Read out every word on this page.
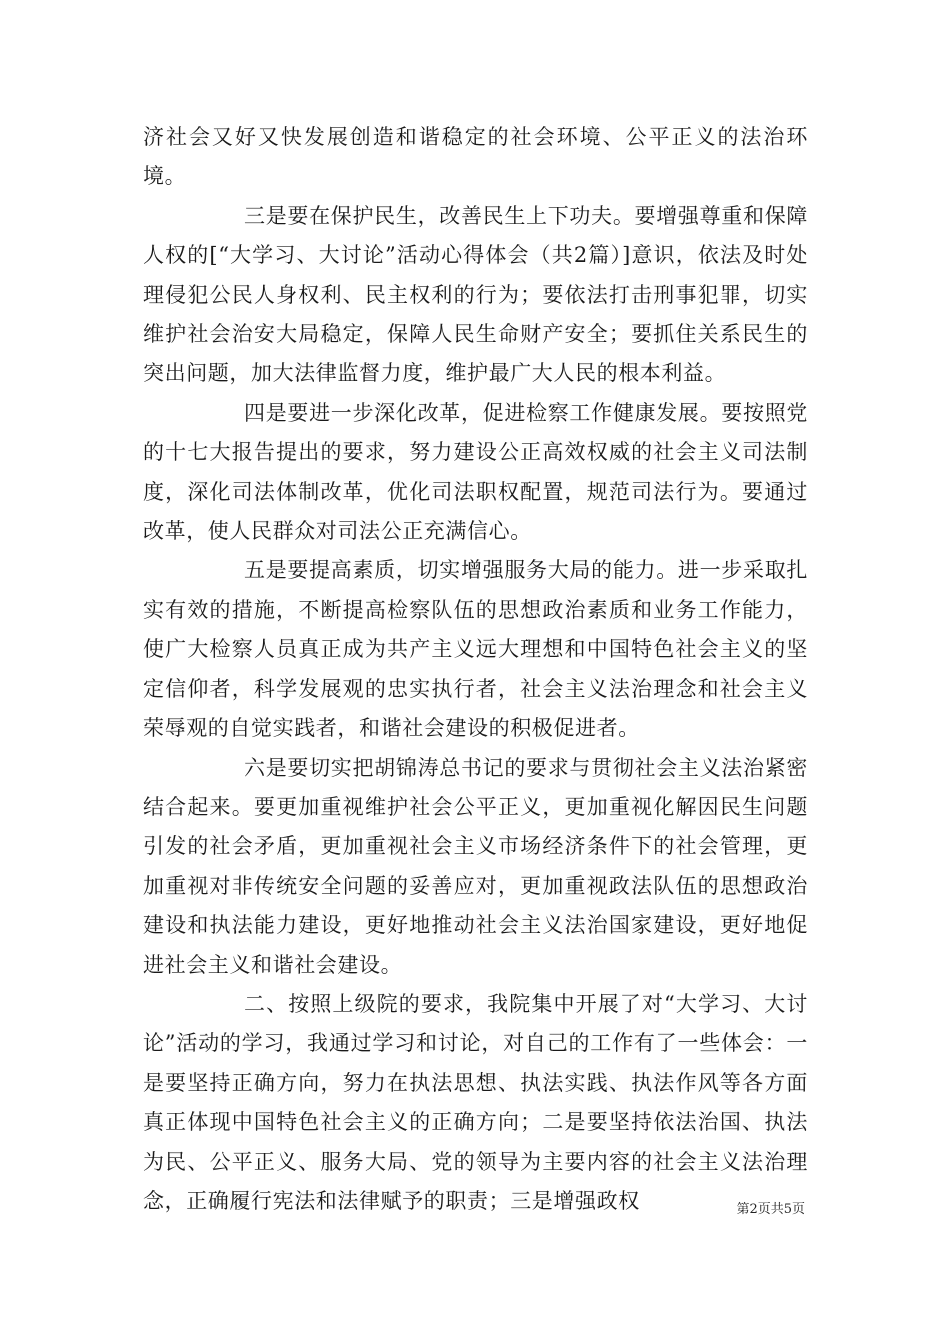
济社会又好又快发展创造和谐稳定的社会环境、公平正义的法治环境。

三是要在保护民生，改善民生上下功夫。要增强尊重和保障人权的[“大学习、大讨论”活动心得体会（共2篇）]意识，依法及时处理侵犯公民人身权利、民主权利的行为；要依法打击刑事犯罪，切实维护社会治安大局稳定，保障人民生命财产安全；要抓住关系民生的突出问题，加大法律监督力度，维护最广大人民的根本利益。

四是要进一步深化改革，促进检察工作健康发展。要按照党的十七大报告提出的要求，努力建设公正高效权威的社会主义司法制度，深化司法体制改革，优化司法职权配置，规范司法行为。要通过改革，使人民群众对司法公正充满信心。

五是要提高素质，切实增强服务大局的能力。进一步采取扎实有效的措施，不断提高检察队伍的思想政治素质和业务工作能力，使广大检察人员真正成为共产主义远大理想和中国特色社会主义的坚定信仰者，科学发展观的忠实执行者，社会主义法治理念和社会主义荣辱观的自觉实践者，和谐社会建设的积极促进者。

六是要切实把胡锦涛总书记的要求与贯彻社会主义法治紧密结合起来。要更加重视维护社会公平正义，更加重视化解因民生问题引发的社会矛盾，更加重视社会主义市场经济条件下的社会管理，更加重视对非传统安全问题的妥善应对，更加重视政法队伍的思想政治建设和执法能力建设，更好地推动社会主义法治国家建设，更好地促进社会主义和谐社会建设。

二、按照上级院的要求，我院集中开展了对“大学习、大讨论”活动的学习，我通过学习和讨论，对自己的工作有了一些体会：一是要坚持正确方向，努力在执法思想、执法实践、执法作风等各方面真正体现中国特色社会主义的正确方向；二是要坚持依法治国、执法为民、公平正义、服务大局、党的领导为主要内容的社会主义法治理念，正确履行宪法和法律赋予的职责；三是增强政权	第2页共5页
